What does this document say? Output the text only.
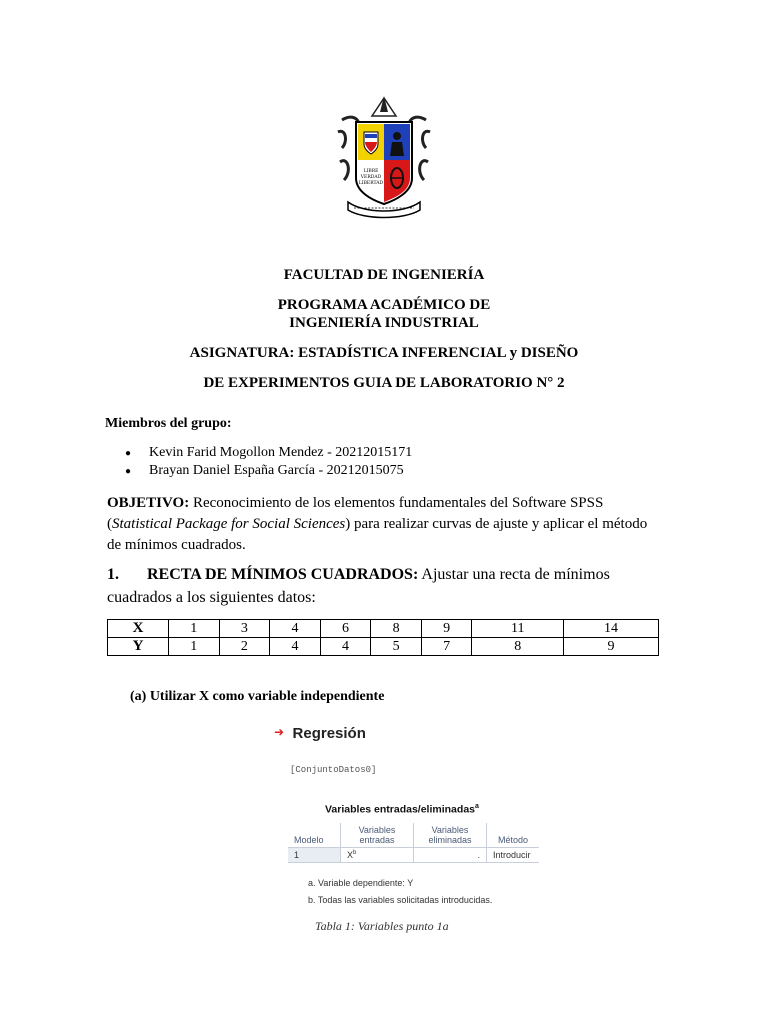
LIBRE
VERDAD
LIBERTAD
FACULTAD DE INGENIERÍA
PROGRAMA ACADÉMICO DE
INGENIERÍA INDUSTRIAL
ASIGNATURA: ESTADÍSTICA INFERENCIAL y DISEÑO
DE EXPERIMENTOS GUIA DE LABORATORIO N° 2
Miembros del grupo:
● Kevin Farid Mogollon Mendez - 20212015171
● Brayan Daniel España García - 20212015075
OBJETIVO: Reconocimiento de los elementos fundamentales del Software SPSS
(Statistical Package for Social Sciences) para realizar curvas de ajuste y aplicar el método
de mínimos cuadrados.
1. RECTA DE MÍNIMOS CUADRADOS: Ajustar una recta de mínimos
cuadrados a los siguientes datos:
X	1	3	4	6	8	9	11	14
Y	1	2	4	4	5	7	8	9
(a) Utilizar X como variable independiente
➜ Regresión
[ConjuntoDatos0]
Variables entradas/eliminadas$^a$
Modelo	Variables entradas	Variables eliminadas	Método
1	$X^b$	.	Introducir
a. Variable dependiente: Y
b. Todas las variables solicitadas introducidas.
Tabla 1: Variables punto 1a
